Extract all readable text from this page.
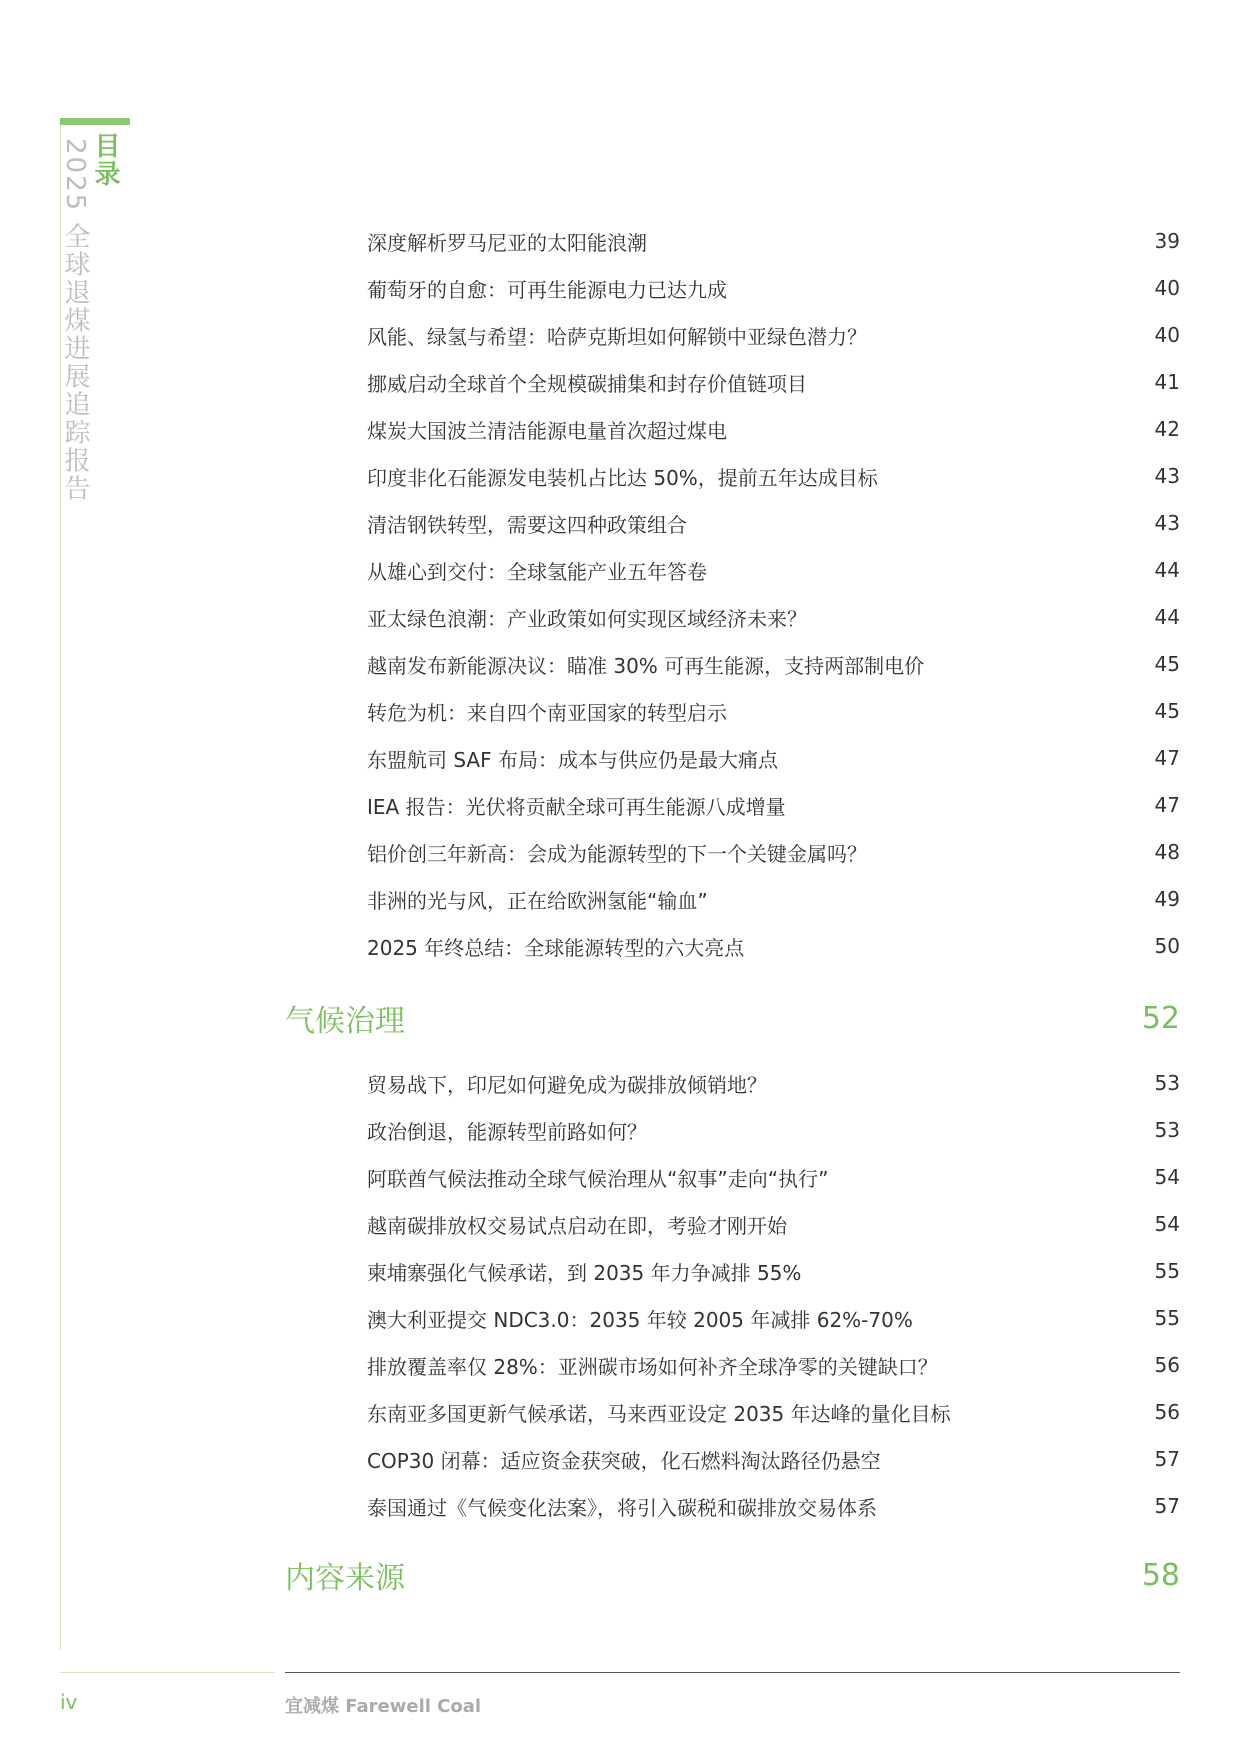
2025 全球退煤进展追踪报告 目录
深度解析罗马尼亚的太阳能浪潮	39
葡萄牙的自愈：可再生能源电力已达九成	40
风能、绿氢与希望：哈萨克斯坦如何解锁中亚绿色潜力？	40
挪威启动全球首个全规模碳捕集和封存价值链项目	41
煤炭大国波兰清洁能源电量首次超过煤电	42
印度非化石能源发电装机占比达 50%，提前五年达成目标	43
清洁钢铁转型，需要这四种政策组合	43
从雄心到交付：全球氢能产业五年答卷	44
亚太绿色浪潮：产业政策如何实现区域经济未来？	44
越南发布新能源决议：瞄准 30% 可再生能源，支持两部制电价	45
转危为机：来自四个南亚国家的转型启示	45
东盟航司 SAF 布局：成本与供应仍是最大痛点	47
IEA 报告：光伏将贡献全球可再生能源八成增量	47
铝价创三年新高：会成为能源转型的下一个关键金属吗？	48
非洲的光与风，正在给欧洲氢能“输血”	49
2025 年终总结：全球能源转型的六大亮点	50
气候治理	52
贸易战下，印尼如何避免成为碳排放倾销地？	53
政治倒退，能源转型前路如何？	53
阿联酋气候法推动全球气候治理从“叙事”走向“执行”	54
越南碳排放权交易试点启动在即，考验才刚开始	54
柬埔寨强化气候承诺，到 2035 年力争减排 55%	55
澳大利亚提交 NDC3.0：2035 年较 2005 年减排 62%-70%	55
排放覆盖率仅 28%：亚洲碳市场如何补齐全球净零的关键缺口？	56
东南亚多国更新气候承诺，马来西亚设定 2035 年达峰的量化目标	56
COP30 闭幕：适应资金获突破，化石燃料淘汰路径仍悬空	57
泰国通过《气候变化法案》，将引入碳税和碳排放交易体系	57
内容来源	58
iv	宜减煤 Farewell Coal
